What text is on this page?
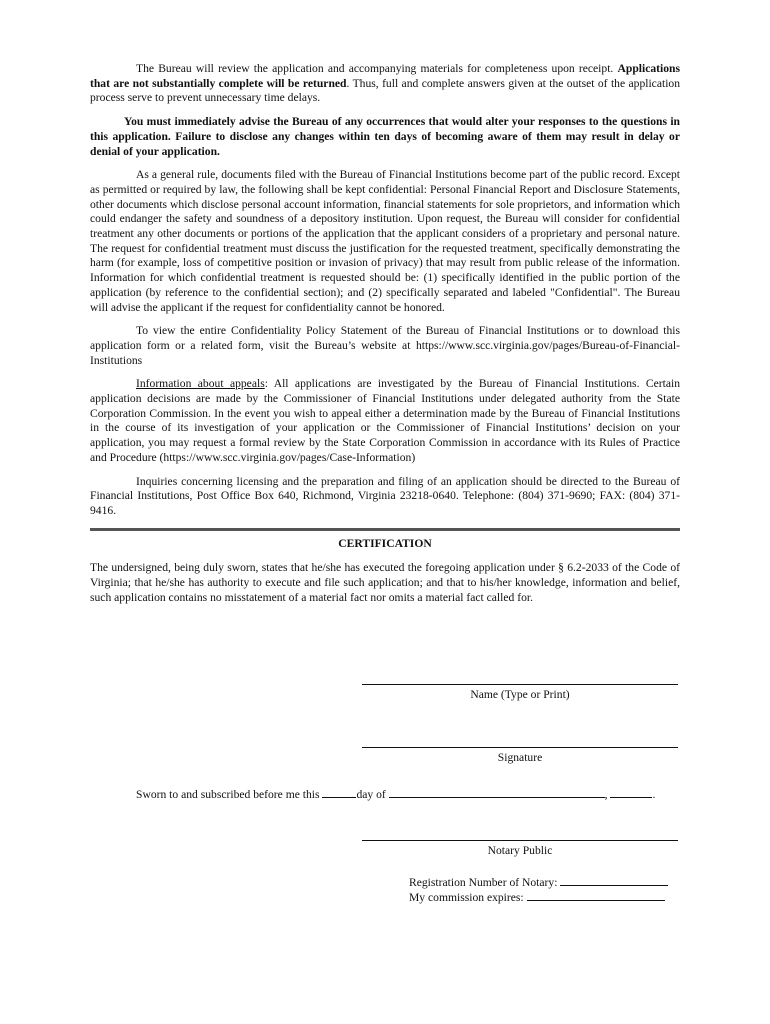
The Bureau will review the application and accompanying materials for completeness upon receipt. Applications that are not substantially complete will be returned. Thus, full and complete answers given at the outset of the application process serve to prevent unnecessary time delays.

You must immediately advise the Bureau of any occurrences that would alter your responses to the questions in this application. Failure to disclose any changes within ten days of becoming aware of them may result in delay or denial of your application.

As a general rule, documents filed with the Bureau of Financial Institutions become part of the public record. Except as permitted or required by law, the following shall be kept confidential: Personal Financial Report and Disclosure Statements, other documents which disclose personal account information, financial statements for sole proprietors, and information which could endanger the safety and soundness of a depository institution. Upon request, the Bureau will consider for confidential treatment any other documents or portions of the application that the applicant considers of a proprietary and personal nature. The request for confidential treatment must discuss the justification for the requested treatment, specifically demonstrating the harm (for example, loss of competitive position or invasion of privacy) that may result from public release of the information. Information for which confidential treatment is requested should be: (1) specifically identified in the public portion of the application (by reference to the confidential section); and (2) specifically separated and labeled "Confidential". The Bureau will advise the applicant if the request for confidentiality cannot be honored.

To view the entire Confidentiality Policy Statement of the Bureau of Financial Institutions or to download this application form or a related form, visit the Bureau’s website at https://www.scc.virginia.gov/pages/Bureau-of-Financial-Institutions

Information about appeals: All applications are investigated by the Bureau of Financial Institutions. Certain application decisions are made by the Commissioner of Financial Institutions under delegated authority from the State Corporation Commission. In the event you wish to appeal either a determination made by the Bureau of Financial Institutions in the course of its investigation of your application or the Commissioner of Financial Institutions’ decision on your application, you may request a formal review by the State Corporation Commission in accordance with its Rules of Practice and Procedure (https://www.scc.virginia.gov/pages/Case-Information)

Inquiries concerning licensing and the preparation and filing of an application should be directed to the Bureau of Financial Institutions, Post Office Box 640, Richmond, Virginia 23218-0640. Telephone: (804) 371-9690; FAX: (804) 371-9416.

CERTIFICATION

The undersigned, being duly sworn, states that he/she has executed the foregoing application under § 6.2-2033 of the Code of Virginia; that he/she has authority to execute and file such application; and that to his/her knowledge, information and belief, such application contains no misstatement of a material fact nor omits a material fact called for.

Name (Type or Print)
Signature
Sworn to and subscribed before me this	day of	,	.
Notary Public
Registration Number of Notary:
My commission expires:
